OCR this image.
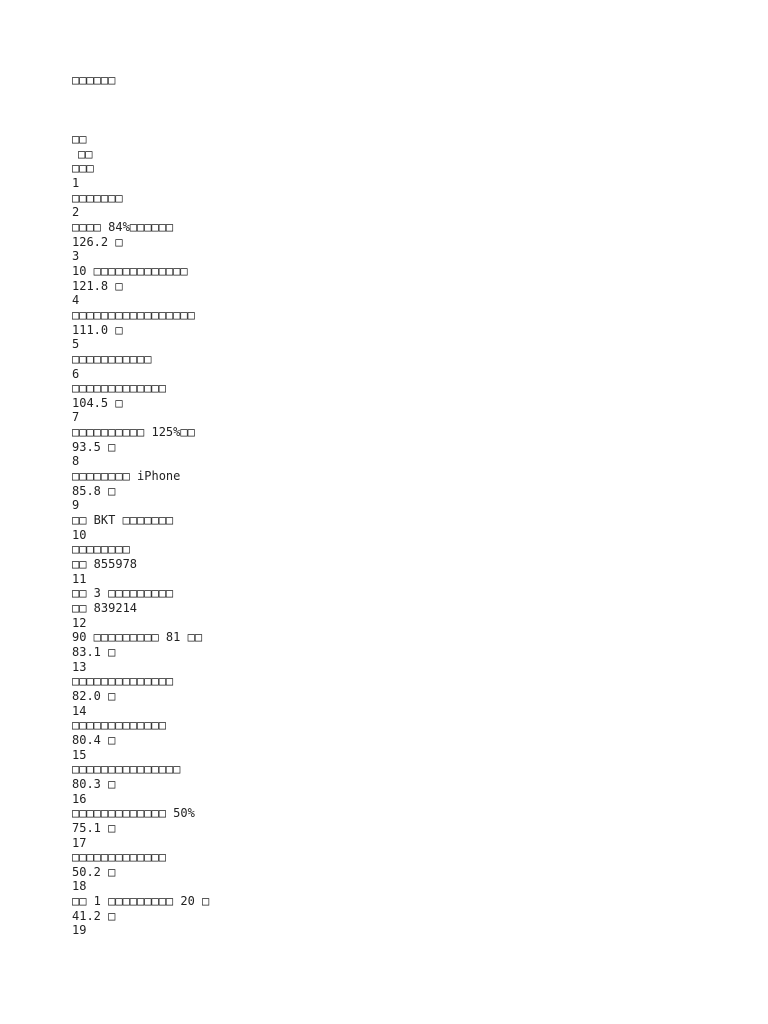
□□□□□□
□□
□□
□□□
1
□□□□□□□
2
□□□□ 84%□□□□□□
126.2 □
3
10 □□□□□□□□□□□□□
121.8 □
4
□□□□□□□□□□□□□□□□□
111.0 □
5
□□□□□□□□□□□
6
□□□□□□□□□□□□□
104.5 □
7
□□□□□□□□□□ 125%□□
93.5 □
8
□□□□□□□□ iPhone
85.8 □
9
□□ BKT □□□□□□□
10
□□□□□□□□
□□ 855978
11
□□ 3 □□□□□□□□□
□□ 839214
12
90 □□□□□□□□□ 81 □□
83.1 □
13
□□□□□□□□□□□□□□
82.0 □
14
□□□□□□□□□□□□□
80.4 □
15
□□□□□□□□□□□□□□□
80.3 □
16
□□□□□□□□□□□□□ 50%
75.1 □
17
□□□□□□□□□□□□□
50.2 □
18
□□ 1 □□□□□□□□□ 20 □
41.2 □
19
